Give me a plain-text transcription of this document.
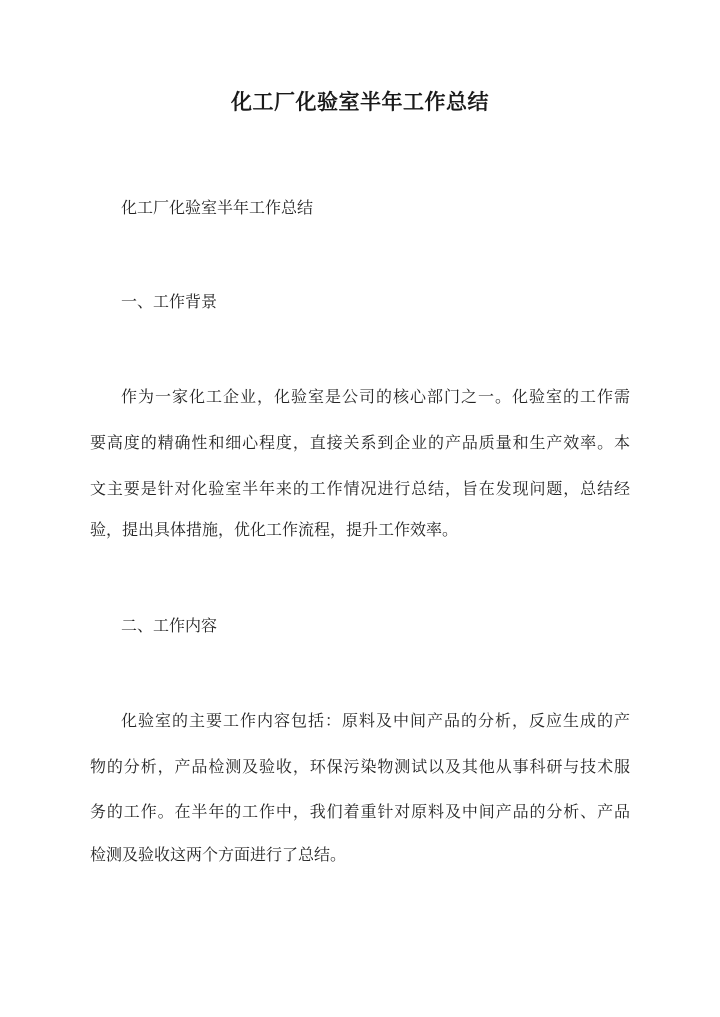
化工厂化验室半年工作总结
化工厂化验室半年工作总结
一、工作背景
作为一家化工企业，化验室是公司的核心部门之一。化验室的工作需
要高度的精确性和细心程度，直接关系到企业的产品质量和生产效率。本
文主要是针对化验室半年来的工作情况进行总结，旨在发现问题，总结经
验，提出具体措施，优化工作流程，提升工作效率。
二、工作内容
化验室的主要工作内容包括：原料及中间产品的分析，反应生成的产
物的分析，产品检测及验收，环保污染物测试以及其他从事科研与技术服
务的工作。在半年的工作中，我们着重针对原料及中间产品的分析、产品
检测及验收这两个方面进行了总结。
